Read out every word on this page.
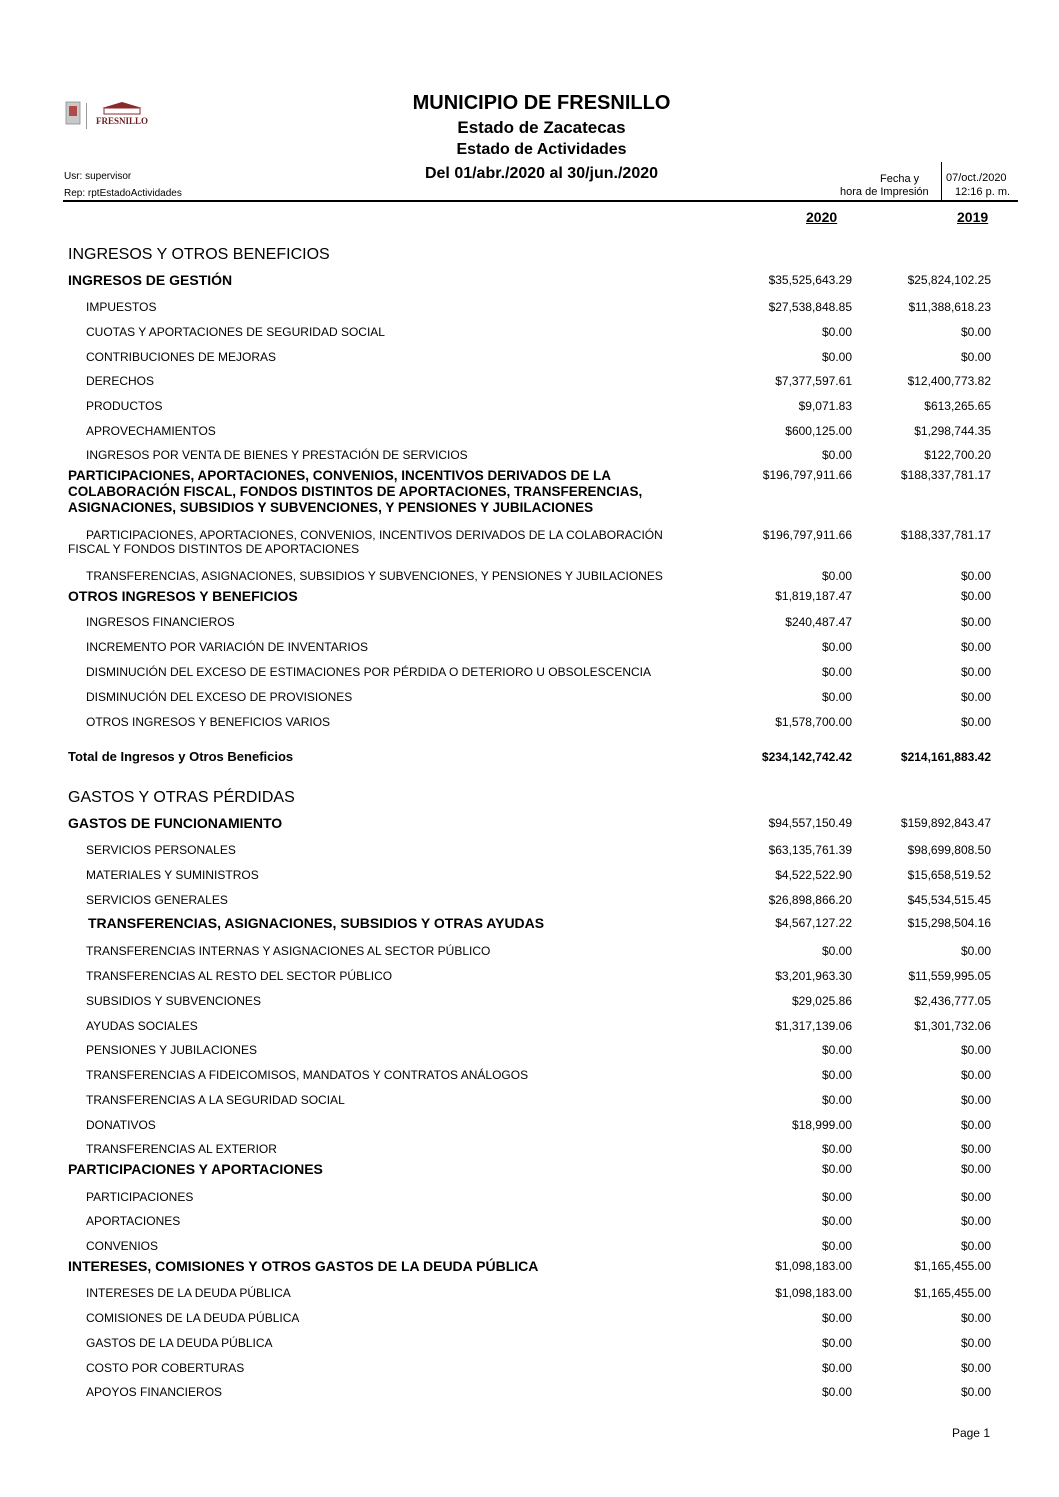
FRESNILLO
MUNICIPIO DE FRESNILLO
Estado de Zacatecas
Estado de Actividades
Del 01/abr./2020 al 30/jun./2020
Usr: supervisor
Rep: rptEstadoActividades
Fecha y
hora de Impresión
07/oct./2020
12:16 p. m.
2020	2019
INGRESOS Y OTROS BENEFICIOS
INGRESOS DE GESTIÓN	$35,525,643.29	$25,824,102.25
IMPUESTOS	$27,538,848.85	$11,388,618.23
CUOTAS Y APORTACIONES DE SEGURIDAD SOCIAL	$0.00	$0.00
CONTRIBUCIONES DE MEJORAS	$0.00	$0.00
DERECHOS	$7,377,597.61	$12,400,773.82
PRODUCTOS	$9,071.83	$613,265.65
APROVECHAMIENTOS	$600,125.00	$1,298,744.35
INGRESOS POR VENTA DE BIENES Y PRESTACIÓN DE SERVICIOS	$0.00	$122,700.20
PARTICIPACIONES, APORTACIONES, CONVENIOS, INCENTIVOS DERIVADOS DE LA
COLABORACIÓN FISCAL, FONDOS DISTINTOS DE APORTACIONES, TRANSFERENCIAS,
ASIGNACIONES, SUBSIDIOS Y SUBVENCIONES, Y PENSIONES Y JUBILACIONES
$196,797,911.66	$188,337,781.17
PARTICIPACIONES, APORTACIONES, CONVENIOS, INCENTIVOS DERIVADOS DE LA COLABORACIÓN
FISCAL Y FONDOS DISTINTOS DE APORTACIONES
$196,797,911.66	$188,337,781.17
TRANSFERENCIAS, ASIGNACIONES, SUBSIDIOS Y SUBVENCIONES, Y PENSIONES Y JUBILACIONES	$0.00	$0.00
OTROS INGRESOS Y BENEFICIOS	$1,819,187.47	$0.00
INGRESOS FINANCIEROS	$240,487.47	$0.00
INCREMENTO POR VARIACIÓN DE INVENTARIOS	$0.00	$0.00
DISMINUCIÓN DEL EXCESO DE ESTIMACIONES POR PÉRDIDA O DETERIORO U OBSOLESCENCIA	$0.00	$0.00
DISMINUCIÓN DEL EXCESO DE PROVISIONES	$0.00	$0.00
OTROS INGRESOS Y BENEFICIOS VARIOS	$1,578,700.00	$0.00
Total de Ingresos y Otros Beneficios	$234,142,742.42	$214,161,883.42
GASTOS Y OTRAS PÉRDIDAS
GASTOS DE FUNCIONAMIENTO	$94,557,150.49	$159,892,843.47
SERVICIOS PERSONALES	$63,135,761.39	$98,699,808.50
MATERIALES Y SUMINISTROS	$4,522,522.90	$15,658,519.52
SERVICIOS GENERALES	$26,898,866.20	$45,534,515.45
TRANSFERENCIAS, ASIGNACIONES, SUBSIDIOS Y OTRAS AYUDAS	$4,567,127.22	$15,298,504.16
TRANSFERENCIAS INTERNAS Y ASIGNACIONES AL SECTOR PÚBLICO	$0.00	$0.00
TRANSFERENCIAS AL RESTO DEL SECTOR PÚBLICO	$3,201,963.30	$11,559,995.05
SUBSIDIOS Y SUBVENCIONES	$29,025.86	$2,436,777.05
AYUDAS SOCIALES	$1,317,139.06	$1,301,732.06
PENSIONES Y JUBILACIONES	$0.00	$0.00
TRANSFERENCIAS A FIDEICOMISOS, MANDATOS Y CONTRATOS ANÁLOGOS	$0.00	$0.00
TRANSFERENCIAS A LA SEGURIDAD SOCIAL	$0.00	$0.00
DONATIVOS	$18,999.00	$0.00
TRANSFERENCIAS AL EXTERIOR	$0.00	$0.00
PARTICIPACIONES Y APORTACIONES	$0.00	$0.00
PARTICIPACIONES	$0.00	$0.00
APORTACIONES	$0.00	$0.00
CONVENIOS	$0.00	$0.00
INTERESES, COMISIONES Y OTROS GASTOS DE LA DEUDA PÚBLICA	$1,098,183.00	$1,165,455.00
INTERESES DE LA DEUDA PÚBLICA	$1,098,183.00	$1,165,455.00
COMISIONES DE LA DEUDA PÚBLICA	$0.00	$0.00
GASTOS DE LA DEUDA PÚBLICA	$0.00	$0.00
COSTO POR COBERTURAS	$0.00	$0.00
APOYOS FINANCIEROS	$0.00	$0.00
Page 1
